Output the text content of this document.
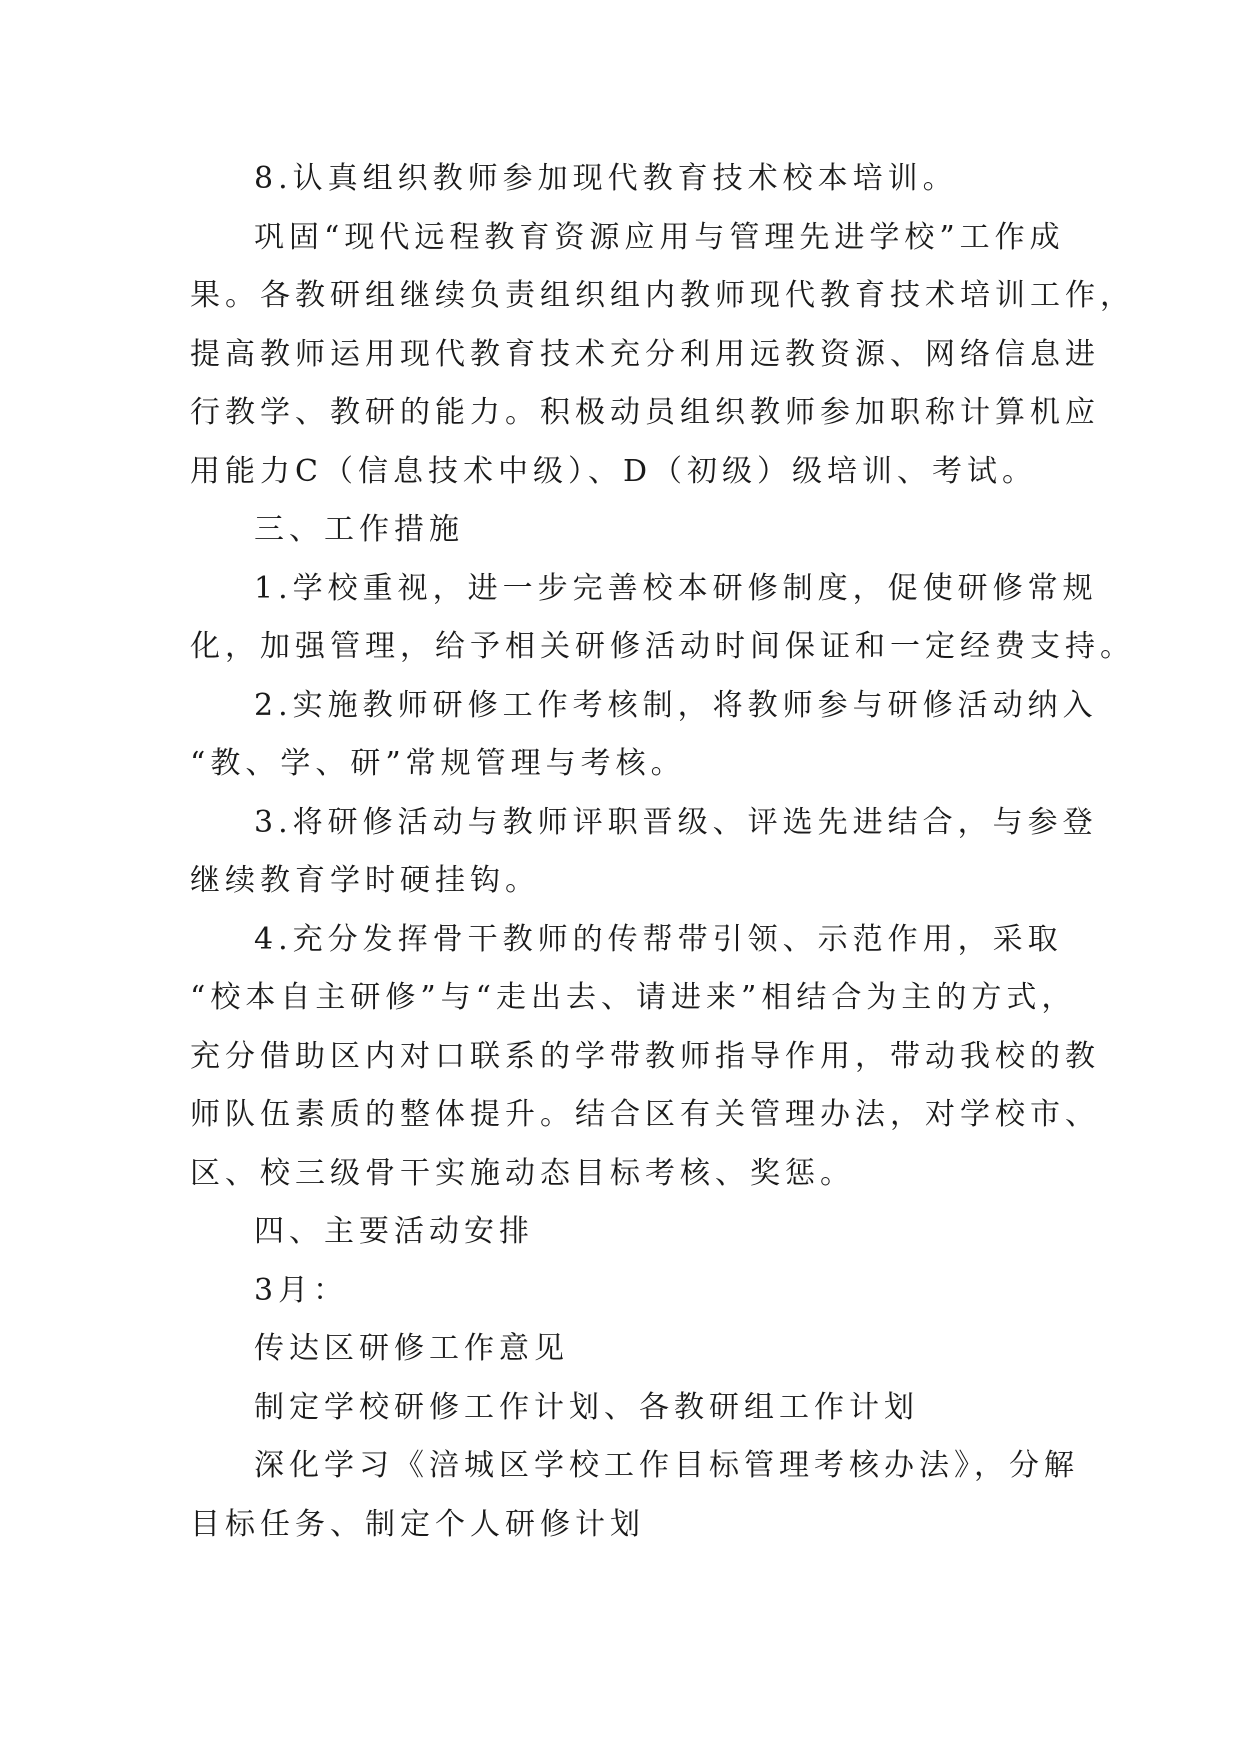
8.认真组织教师参加现代教育技术校本培训。

巩固“现代远程教育资源应用与管理先进学校”工作成
果。各教研组继续负责组织组内教师现代教育技术培训工作，
提高教师运用现代教育技术充分利用远教资源、网络信息进
行教学、教研的能力。积极动员组织教师参加职称计算机应
用能力C（信息技术中级）、D（初级）级培训、考试。

三、工作措施

1.学校重视，进一步完善校本研修制度，促使研修常规
化，加强管理，给予相关研修活动时间保证和一定经费支持。

2.实施教师研修工作考核制，将教师参与研修活动纳入
“教、学、研”常规管理与考核。

3.将研修活动与教师评职晋级、评选先进结合，与参登
继续教育学时硬挂钩。

4.充分发挥骨干教师的传帮带引领、示范作用，采取
“校本自主研修”与“走出去、请进来”相结合为主的方式，
充分借助区内对口联系的学带教师指导作用，带动我校的教
师队伍素质的整体提升。结合区有关管理办法，对学校市、
区、校三级骨干实施动态目标考核、奖惩。

四、主要活动安排

3月：

传达区研修工作意见

制定学校研修工作计划、各教研组工作计划

深化学习《涪城区学校工作目标管理考核办法》，分解
目标任务、制定个人研修计划
